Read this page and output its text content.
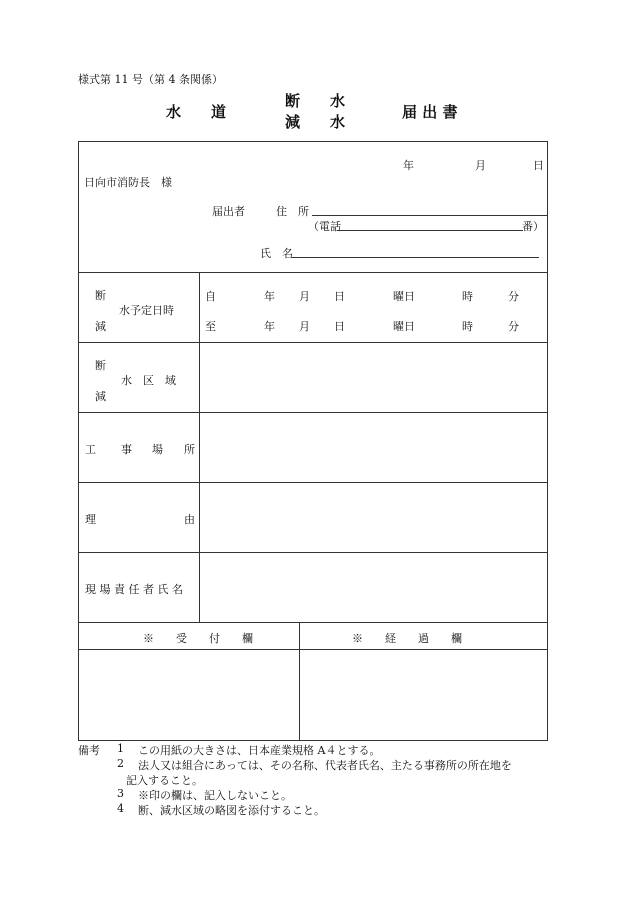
様式第 11 号（第 4 条関係）
水　　道
断　　水
減　　水
届 出 書
年	月	日
日向市消防長　様
届出者	住　所
（電話	番）
氏　名
断
水予定日時
減
自	年 月 日	曜日	時	分
至	年 月 日	曜日	時	分
断
水　区　域
減
工 事 場 所
理	由
現 場 責 任 者 氏 名
※　　受　　付　　欄	※　　経　　過　　欄
備考 1 この用紙の大きさは、日本産業規格 A４とする。
2 法人又は組合にあっては、その名称、代表者氏名、主たる事務所の所在地を
記入すること。
3 ※印の欄は、記入しないこと。
4 断、減水区域の略図を添付すること。
